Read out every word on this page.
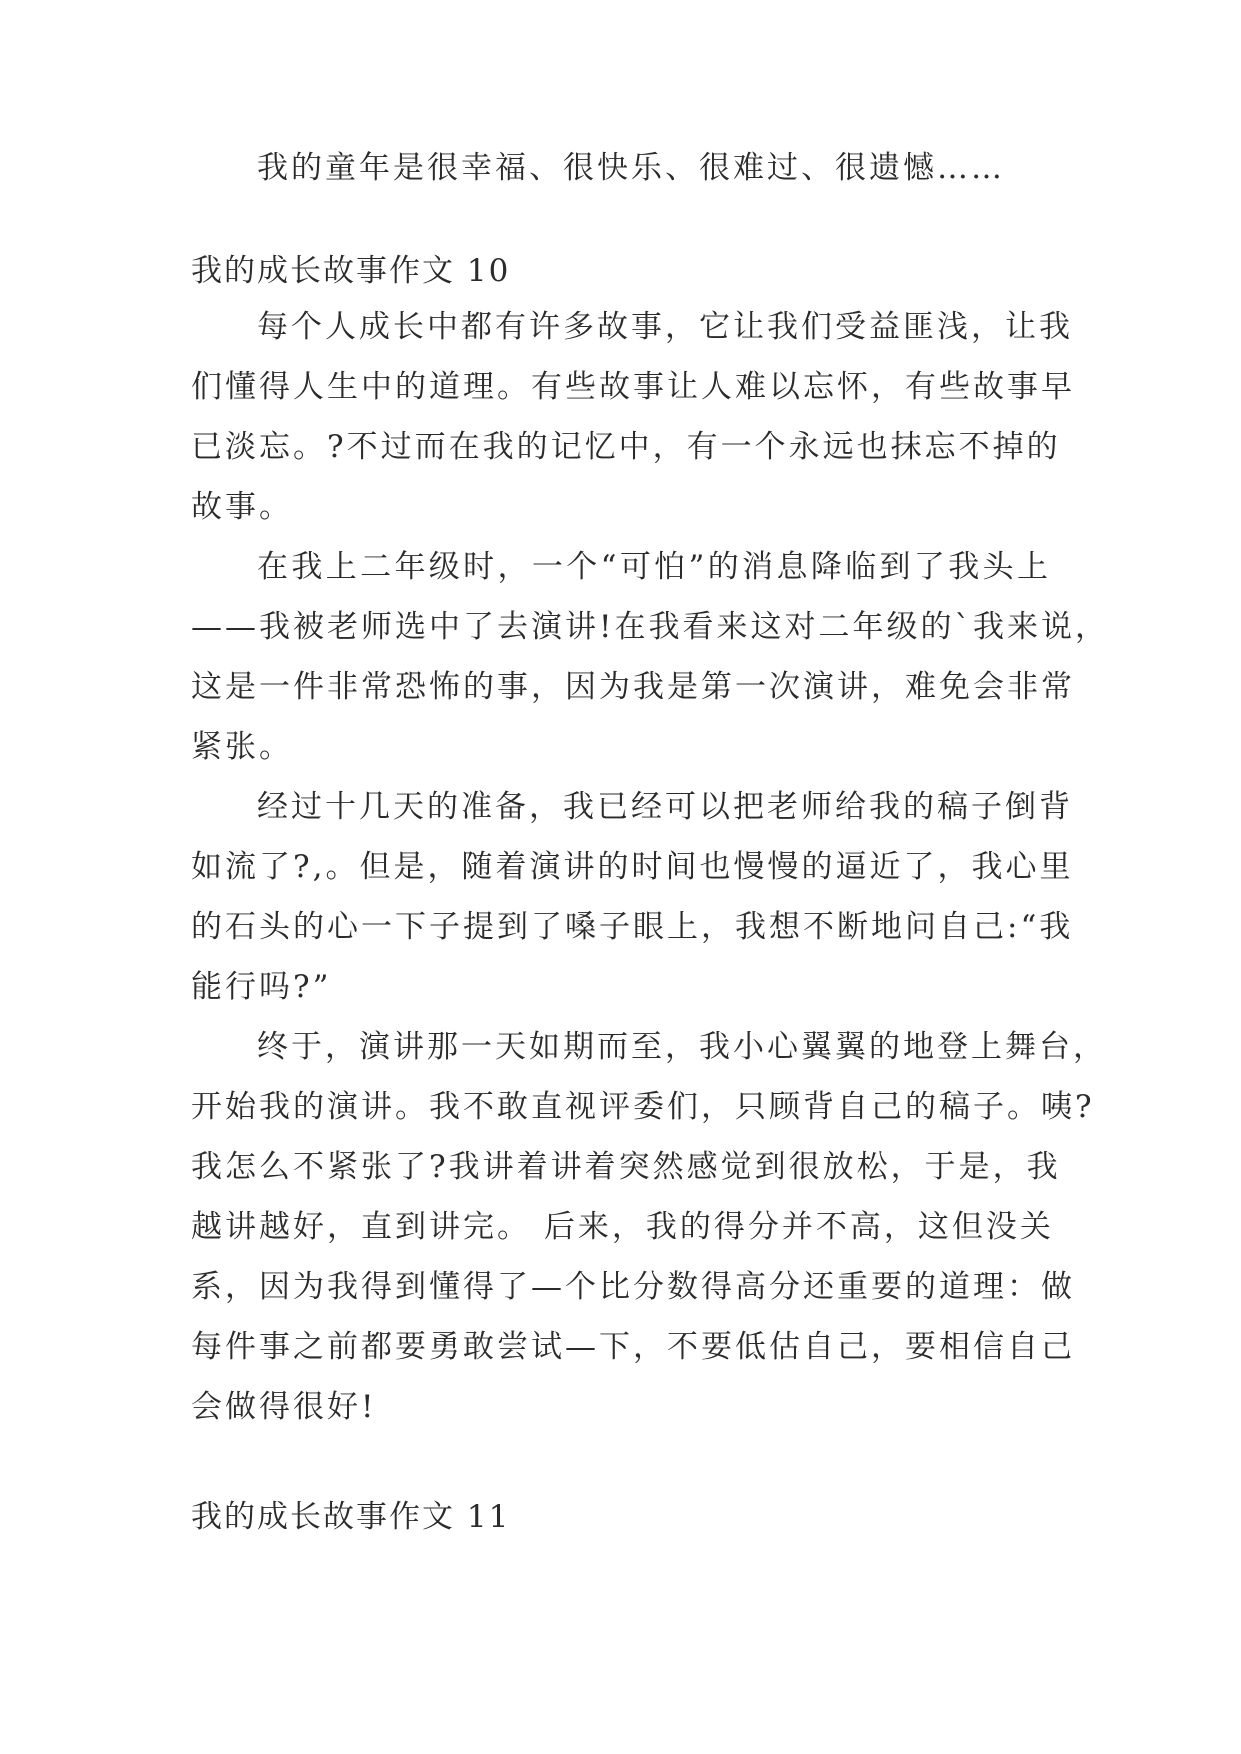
我的童年是很幸福、很快乐、很难过、很遗憾……
我的成长故事作文 10
每个人成长中都有许多故事，它让我们受益匪浅，让我
们懂得人生中的道理。有些故事让人难以忘怀，有些故事早
已淡忘。?不过而在我的记忆中，有一个永远也抹忘不掉的
故事。
在我上二年级时，一个“可怕”的消息降临到了我头上
——我被老师选中了去演讲!在我看来这对二年级的`我来说，
这是一件非常恐怖的事，因为我是第一次演讲，难免会非常
紧张。
经过十几天的准备，我已经可以把老师给我的稿子倒背
如流了?,。但是，随着演讲的时间也慢慢的逼近了，我心里
的石头的心一下子提到了嗓子眼上，我想不断地问自己:“我
能行吗?”
终于，演讲那一天如期而至，我小心翼翼的地登上舞台，
开始我的演讲。我不敢直视评委们，只顾背自己的稿子。咦?
我怎么不紧张了?我讲着讲着突然感觉到很放松，于是，我
越讲越好，直到讲完。 后来，我的得分并不高，这但没关
系，因为我得到懂得了—个比分数得高分还重要的道理：做
每件事之前都要勇敢尝试—下，不要低估自己，要相信自己
会做得很好!
我的成长故事作文 11
